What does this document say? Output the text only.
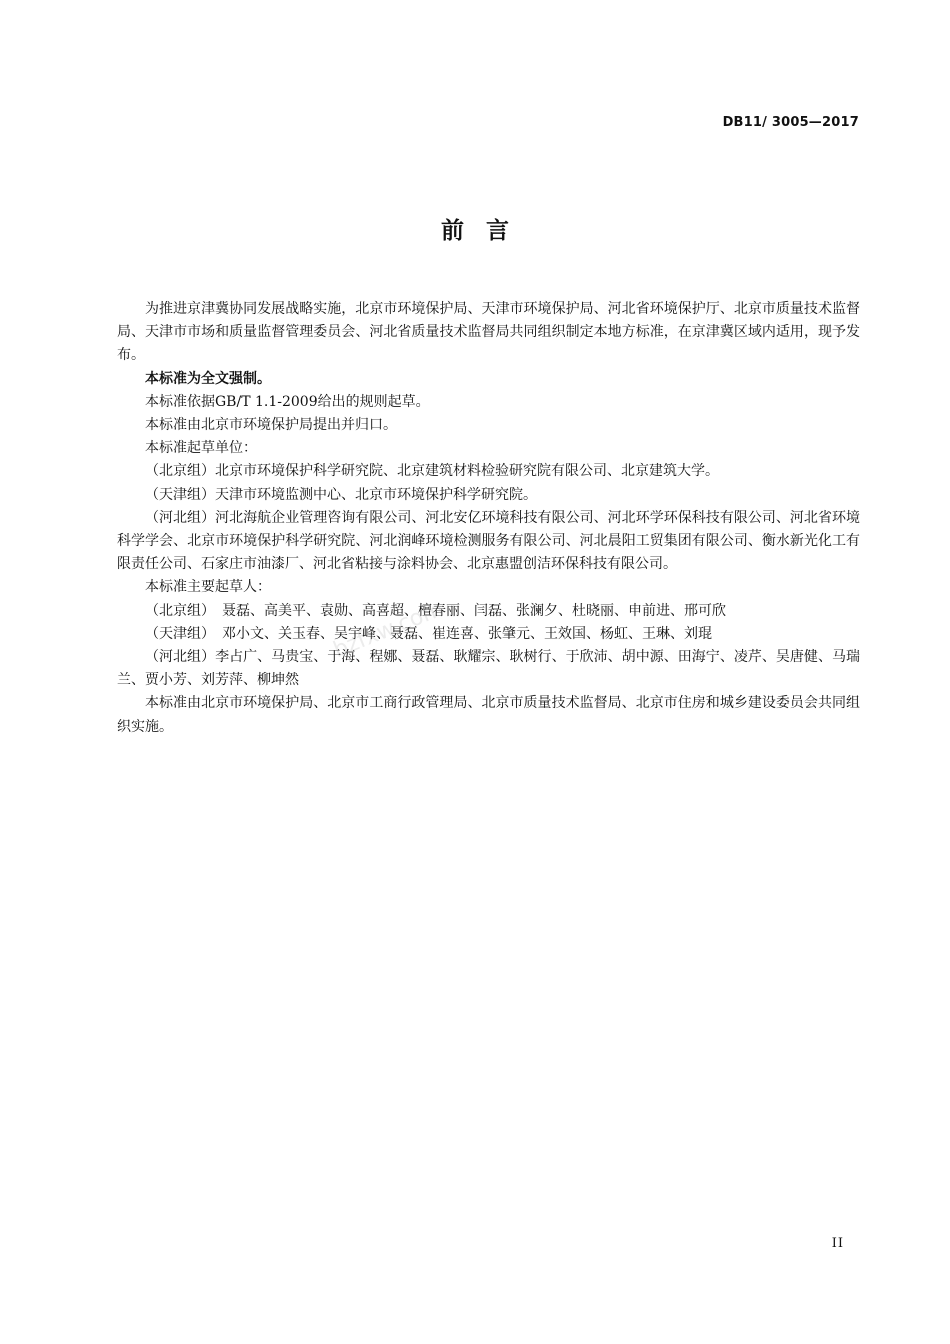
DB11/ 3005—2017
前言

为推进京津冀协同发展战略实施，北京市环境保护局、天津市环境保护局、河北省环境保护厅、北京市质量技术监督局、天津市市场和质量监督管理委员会、河北省质量技术监督局共同组织制定本地方标准，在京津冀区域内适用，现予发布。

本标准为全文强制。

本标准依据GB/T 1.1-2009给出的规则起草。

本标准由北京市环境保护局提出并归口。

本标准起草单位：

（北京组）北京市环境保护科学研究院、北京建筑材料检验研究院有限公司、北京建筑大学。

（天津组）天津市环境监测中心、北京市环境保护科学研究院。

（河北组）河北海航企业管理咨询有限公司、河北安亿环境科技有限公司、河北环学环保科技有限公司、河北省环境科学学会、北京市环境保护科学研究院、河北润峰环境检测服务有限公司、河北晨阳工贸集团有限公司、衡水新光化工有限责任公司、石家庄市油漆厂、河北省粘接与涂料协会、北京惠盟创洁环保科技有限公司。

本标准主要起草人：

（北京组）　聂磊、高美平、袁勋、高喜超、檀春丽、闫磊、张澜夕、杜晓丽、申前进、邢可欣

（天津组）　邓小文、关玉春、吴宇峰、聂磊、崔连喜、张肇元、王效国、杨虹、王琳、刘琨

（河北组）李占广、马贵宝、于海、程娜、聂磊、耿耀宗、耿树行、于欣沛、胡中源、田海宁、凌芹、吴唐健、马瑞兰、贾小芳、刘芳萍、柳坤然

本标准由北京市环境保护局、北京市工商行政管理局、北京市质量技术监督局、北京市住房和城乡建设委员会共同组织实施。

bzfxw.com
II
